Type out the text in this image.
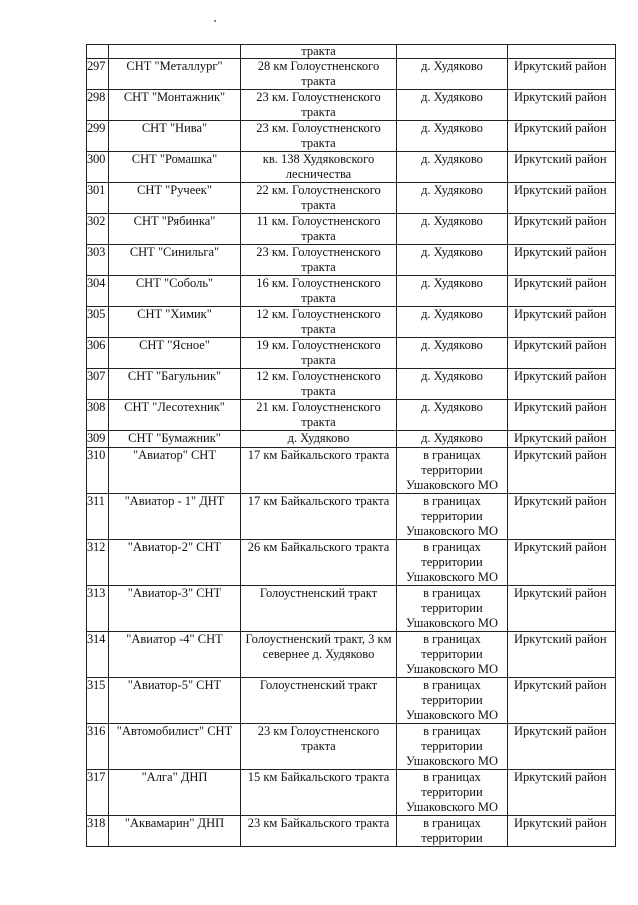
		тракта		
297	СНТ "Металлург"	28 км Голоустненского тракта	д. Худяково	Иркутский район
298	СНТ "Монтажник"	23 км. Голоустненского тракта	д. Худяково	Иркутский район
299	СНТ "Нива"	23 км. Голоустненского тракта	д. Худяково	Иркутский район
300	СНТ "Ромашка"	кв. 138 Худяковского лесничества	д. Худяково	Иркутский район
301	СНТ "Ручеек"	22 км. Голоустненского тракта	д. Худяково	Иркутский район
302	СНТ "Рябинка"	11 км. Голоустненского тракта	д. Худяково	Иркутский район
303	СНТ "Синильга"	23 км. Голоустненского тракта	д. Худяково	Иркутский район
304	СНТ "Соболь"	16 км. Голоустненского тракта	д. Худяково	Иркутский район
305	СНТ "Химик"	12 км. Голоустненского тракта	д. Худяково	Иркутский район
306	СНТ "Ясное"	19 км. Голоустненского тракта	д. Худяково	Иркутский район
307	СНТ "Багульник"	12 км. Голоустненского тракта	д. Худяково	Иркутский район
308	СНТ "Лесотехник"	21 км. Голоустненского тракта	д. Худяково	Иркутский район
309	СНТ "Бумажник"	д. Худяково	д. Худяково	Иркутский район
310	"Авиатор" СНТ	17 км Байкальского тракта	в границах территории Ушаковского МО	Иркутский район
311	"Авиатор - 1" ДНТ	17 км Байкальского тракта	в границах территории Ушаковского МО	Иркутский район
312	"Авиатор-2" СНТ	26 км Байкальского тракта	в границах территории Ушаковского МО	Иркутский район
313	"Авиатор-3" СНТ	Голоустненский тракт	в границах территории Ушаковского МО	Иркутский район
314	"Авиатор -4" СНТ	Голоустненский тракт, 3 км севернее д. Худяково	в границах территории Ушаковского МО	Иркутский район
315	"Авиатор-5" СНТ	Голоустненский тракт	в границах территории Ушаковского МО	Иркутский район
316	"Автомобилист" СНТ	23 км Голоустненского тракта	в границах территории Ушаковского МО	Иркутский район
317	"Алга" ДНП	15 км Байкальского тракта	в границах территории Ушаковского МО	Иркутский район
318	"Аквамарин" ДНП	23 км Байкальского тракта	в границах территории	Иркутский район
